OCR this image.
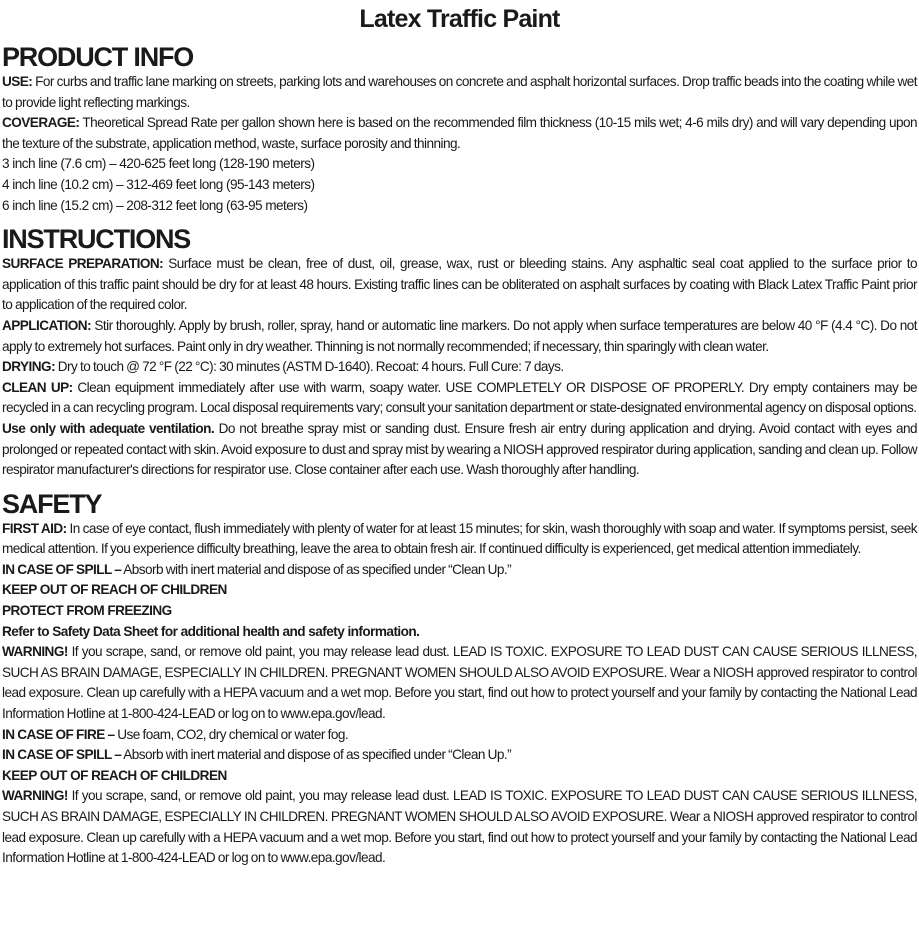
Latex Traffic Paint
PRODUCT INFO

USE: For curbs and traffic lane marking on streets, parking lots and warehouses on concrete and asphalt horizontal surfaces. Drop traffic beads into the coating while wet to provide light reflecting markings.

COVERAGE: Theoretical Spread Rate per gallon shown here is based on the recommended film thickness (10-15 mils wet; 4-6 mils dry) and will vary depending upon the texture of the substrate, application method, waste, surface porosity and thinning.

3 inch line (7.6 cm) – 420-625 feet long (128-190 meters)

4 inch line (10.2 cm) – 312-469 feet long (95-143 meters)

6 inch line (15.2 cm) – 208-312 feet long (63-95 meters)

INSTRUCTIONS

SURFACE PREPARATION: Surface must be clean, free of dust, oil, grease, wax, rust or bleeding stains. Any asphaltic seal coat applied to the surface prior to application of this traffic paint should be dry for at least 48 hours. Existing traffic lines can be obliterated on asphalt surfaces by coating with Black Latex Traffic Paint prior to application of the required color.

APPLICATION: Stir thoroughly. Apply by brush, roller, spray, hand or automatic line markers. Do not apply when surface temperatures are below 40 °F (4.4 °C). Do not apply to extremely hot surfaces. Paint only in dry weather. Thinning is not normally recommended; if necessary, thin sparingly with clean water.

DRYING: Dry to touch @ 72 °F (22 °C): 30 minutes (ASTM D-1640). Recoat: 4 hours. Full Cure: 7 days.

CLEAN UP: Clean equipment immediately after use with warm, soapy water. USE COMPLETELY OR DISPOSE OF PROPERLY. Dry empty containers may be recycled in a can recycling program. Local disposal requirements vary; consult your sanitation department or state-designated environmental agency on disposal options.

Use only with adequate ventilation. Do not breathe spray mist or sanding dust. Ensure fresh air entry during application and drying. Avoid contact with eyes and prolonged or repeated contact with skin. Avoid exposure to dust and spray mist by wearing a NIOSH approved respirator during application, sanding and clean up. Follow respirator manufacturer's directions for respirator use. Close container after each use. Wash thoroughly after handling.

SAFETY

FIRST AID: In case of eye contact, flush immediately with plenty of water for at least 15 minutes; for skin, wash thoroughly with soap and water. If symptoms persist, seek medical attention. If you experience difficulty breathing, leave the area to obtain fresh air. If continued difficulty is experienced, get medical attention immediately.

IN CASE OF SPILL – Absorb with inert material and dispose of as specified under “Clean Up.”

KEEP OUT OF REACH OF CHILDREN

PROTECT FROM FREEZING

Refer to Safety Data Sheet for additional health and safety information.

WARNING! If you scrape, sand, or remove old paint, you may release lead dust. LEAD IS TOXIC. EXPOSURE TO LEAD DUST CAN CAUSE SERIOUS ILLNESS, SUCH AS BRAIN DAMAGE, ESPECIALLY IN CHILDREN. PREGNANT WOMEN SHOULD ALSO AVOID EXPOSURE. Wear a NIOSH approved respirator to control lead exposure. Clean up carefully with a HEPA vacuum and a wet mop. Before you start, find out how to protect yourself and your family by contacting the National Lead Information Hotline at 1-800-424-LEAD or log on to www.epa.gov/lead.

IN CASE OF FIRE – Use foam, CO2, dry chemical or water fog.

IN CASE OF SPILL – Absorb with inert material and dispose of as specified under “Clean Up.”

KEEP OUT OF REACH OF CHILDREN

WARNING! If you scrape, sand, or remove old paint, you may release lead dust. LEAD IS TOXIC. EXPOSURE TO LEAD DUST CAN CAUSE SERIOUS ILLNESS, SUCH AS BRAIN DAMAGE, ESPECIALLY IN CHILDREN. PREGNANT WOMEN SHOULD ALSO AVOID EXPOSURE. Wear a NIOSH approved respirator to control lead exposure. Clean up carefully with a HEPA vacuum and a wet mop. Before you start, find out how to protect yourself and your family by contacting the National Lead Information Hotline at 1-800-424-LEAD or log on to www.epa.gov/lead.
